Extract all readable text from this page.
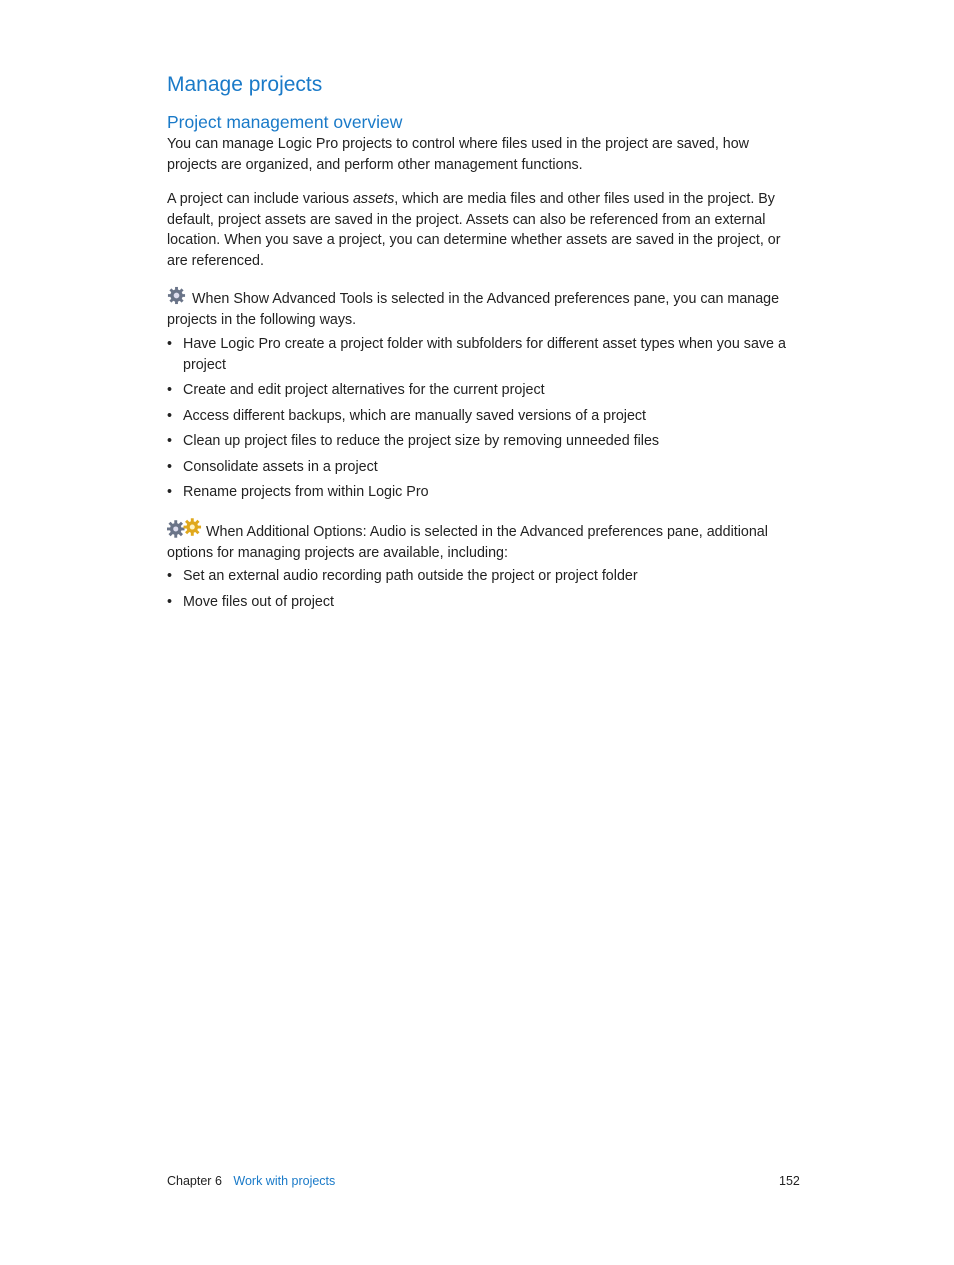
Manage projects
Project management overview

You can manage Logic Pro projects to control where files used in the project are saved, how projects are organized, and perform other management functions.

A project can include various assets, which are media files and other files used in the project. By default, project assets are saved in the project. Assets can also be referenced from an external location. When you save a project, you can determine whether assets are saved in the project, or are referenced.

When Show Advanced Tools is selected in the Advanced preferences pane, you can manage projects in the following ways.

• Have Logic Pro create a project folder with subfolders for different asset types when you save a project
• Create and edit project alternatives for the current project
• Access different backups, which are manually saved versions of a project
• Clean up project files to reduce the project size by removing unneeded files
• Consolidate assets in a project
• Rename projects from within Logic Pro

When Additional Options: Audio is selected in the Advanced preferences pane, additional options for managing projects are available, including:

• Set an external audio recording path outside the project or project folder
• Move files out of project
Chapter 6 Work with projects	152
